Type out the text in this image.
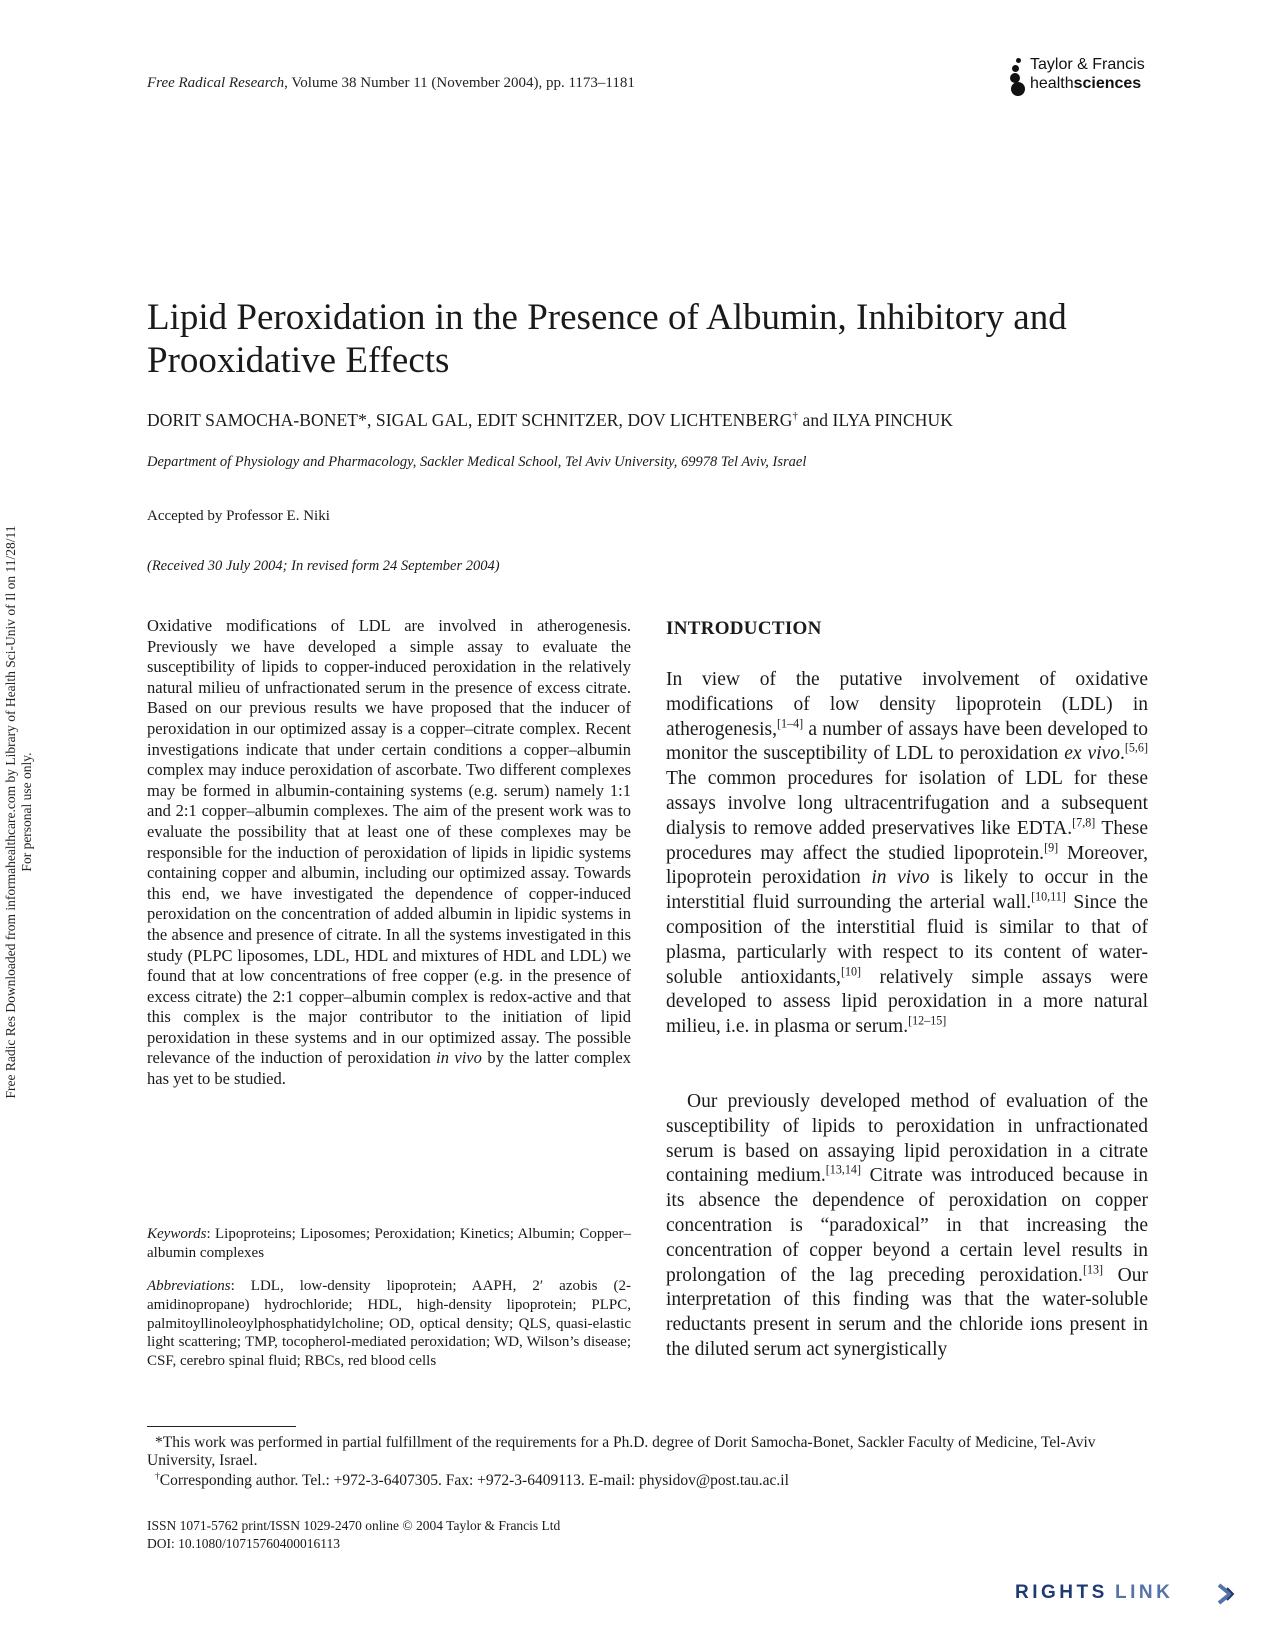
Free Radical Research, Volume 38 Number 11 (November 2004), pp. 1173–1181
Taylor & Francis
healthsciences
Free Radic Res Downloaded from informahealthcare.com by Library of Health Sci-Univ of Il on 11/28/11 For personal use only.
Lipid Peroxidation in the Presence of Albumin, Inhibitory and Prooxidative Effects
DORIT SAMOCHA-BONET*, SIGAL GAL, EDIT SCHNITZER, DOV LICHTENBERG† and ILYA PINCHUK
Department of Physiology and Pharmacology, Sackler Medical School, Tel Aviv University, 69978 Tel Aviv, Israel
Accepted by Professor E. Niki
(Received 30 July 2004; In revised form 24 September 2004)
Oxidative modifications of LDL are involved in atherogenesis. Previously we have developed a simple assay to evaluate the susceptibility of lipids to copper-induced peroxidation in the relatively natural milieu of unfractionated serum in the presence of excess citrate. Based on our previous results we have proposed that the inducer of peroxidation in our optimized assay is a copper–citrate complex. Recent investigations indicate that under certain conditions a copper–albumin complex may induce peroxidation of ascorbate. Two different complexes may be formed in albumin-containing systems (e.g. serum) namely 1:1 and 2:1 copper–albumin complexes. The aim of the present work was to evaluate the possibility that at least one of these complexes may be responsible for the induction of peroxidation of lipids in lipidic systems containing copper and albumin, including our optimized assay. Towards this end, we have investigated the dependence of copper-induced peroxidation on the concentration of added albumin in lipidic systems in the absence and presence of citrate. In all the systems investigated in this study (PLPC liposomes, LDL, HDL and mixtures of HDL and LDL) we found that at low concentrations of free copper (e.g. in the presence of excess citrate) the 2:1 copper–albumin complex is redox-active and that this complex is the major contributor to the initiation of lipid peroxidation in these systems and in our optimized assay. The possible relevance of the induction of peroxidation in vivo by the latter complex has yet to be studied.
Keywords: Lipoproteins; Liposomes; Peroxidation; Kinetics; Albumin; Copper–albumin complexes
Abbreviations: LDL, low-density lipoprotein; AAPH, 2′ azobis (2-amidinopropane) hydrochloride; HDL, high-density lipoprotein; PLPC, palmitoyllinoleoylphosphatidylcholine; OD, optical density; QLS, quasi-elastic light scattering; TMP, tocopherol-mediated peroxidation; WD, Wilson’s disease; CSF, cerebro spinal fluid; RBCs, red blood cells
INTRODUCTION
In view of the putative involvement of oxidative modifications of low density lipoprotein (LDL) in atherogenesis,[1–4] a number of assays have been developed to monitor the susceptibility of LDL to peroxidation ex vivo.[5,6] The common procedures for isolation of LDL for these assays involve long ultracentrifugation and a subsequent dialysis to remove added preservatives like EDTA.[7,8] These procedures may affect the studied lipoprotein.[9] Moreover, lipoprotein peroxidation in vivo is likely to occur in the interstitial fluid surrounding the arterial wall.[10,11] Since the composition of the interstitial fluid is similar to that of plasma, particularly with respect to its content of water-soluble antioxidants,[10] relatively simple assays were developed to assess lipid peroxidation in a more natural milieu, i.e. in plasma or serum.[12–15]
Our previously developed method of evaluation of the susceptibility of lipids to peroxidation in unfractionated serum is based on assaying lipid peroxidation in a citrate containing medium.[13,14] Citrate was introduced because in its absence the dependence of peroxidation on copper concentration is “paradoxical” in that increasing the concentration of copper beyond a certain level results in prolongation of the lag preceding peroxidation.[13] Our interpretation of this finding was that the water-soluble reductants present in serum and the chloride ions present in the diluted serum act synergistically
*This work was performed in partial fulfillment of the requirements for a Ph.D. degree of Dorit Samocha-Bonet, Sackler Faculty of Medicine, Tel-Aviv University, Israel.
†Corresponding author. Tel.: +972-3-6407305. Fax: +972-3-6409113. E-mail: physidov@post.tau.ac.il
ISSN 1071-5762 print/ISSN 1029-2470 online © 2004 Taylor & Francis Ltd
DOI: 10.1080/10715760400016113
RIGHTS LINK
